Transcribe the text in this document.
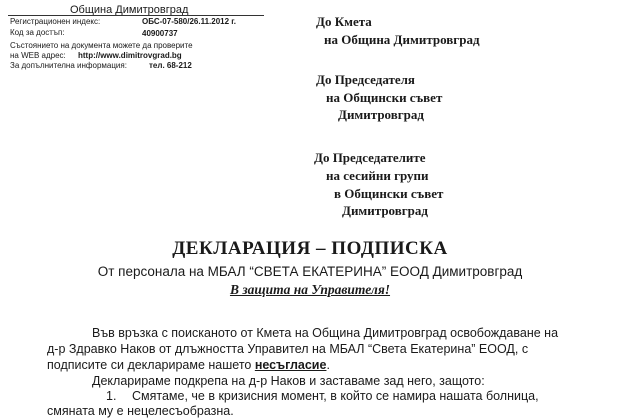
Община Димитровград
Регистрационен индекс:	ОБС-07-580/26.11.2012 г.
Код за достъп:	40900737
Състоянието на документа можете да проверите
на WEB адрес: http://www.dimitrovgrad.bg
За допълнителна информация:	тел. 68-212
До Кмета
на Община Димитровград
До Председателя
на Общински съвет
Димитровград
До Председателите
на сесийни групи
в Общински съвет
Димитровград
ДЕКЛАРАЦИЯ – ПОДПИСКА
От персонала на МБАЛ “СВЕТА ЕКАТЕРИНА” ЕООД Димитровград
В защита на Управителя!
Във връзка с поисканото от Кмета на Община Димитровград освобождаване на
д-р Здравко Наков от длъжността Управител на МБАЛ “Света Екатерина” ЕООД, с
подписите си декларираме нашето несъгласие.
Декларираме подкрепа на д-р Наков и заставаме зад него, защото:
1. Смятаме, че в кризисния момент, в който се намира нашата болница,
смяната му е нецелесъобразна.
